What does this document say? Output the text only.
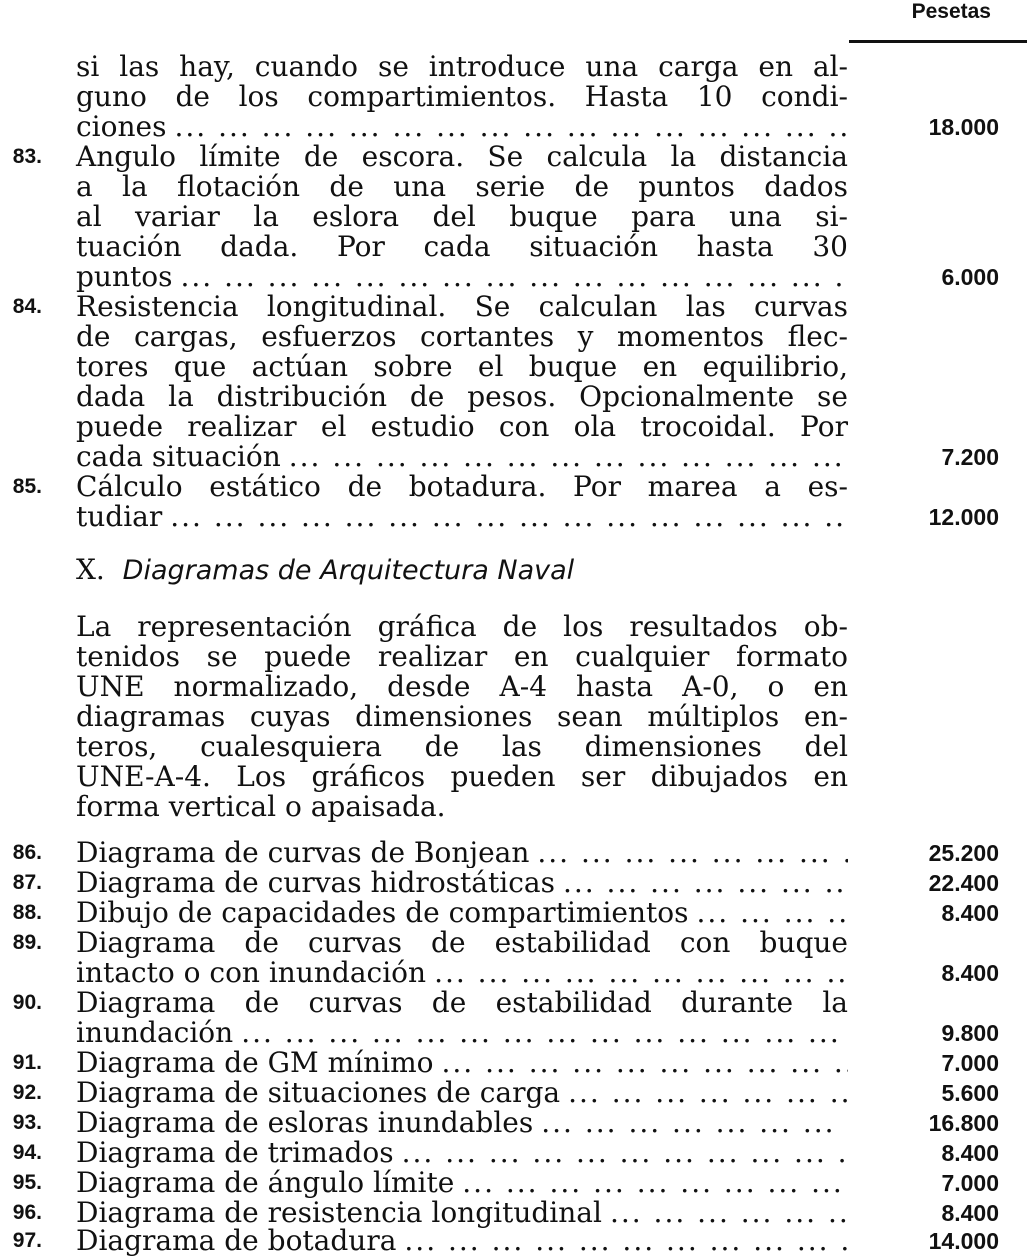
Pesetas
si las hay, cuando se introduce una carga en al-
guno de los compartimientos. Hasta 10 condi-
ciones ... .	18.000
83. Angulo límite de escora. Se calcula la distancia
a la flotación de una serie de puntos dados
al variar la eslora del buque para una si-
tuación dada. Por cada situación hasta 30
puntos ... .	6.000
84. Resistencia longitudinal. Se calculan las curvas
de cargas, esfuerzos cortantes y momentos flec-
tores que actúan sobre el buque en equilibrio,
dada la distribución de pesos. Opcionalmente se
puede realizar el estudio con ola trocoidal. Por
cada situación ... .	7.200
85. Cálculo estático de botadura. Por marea a es-
tudiar ... .	12.000
X. Diagramas de Arquitectura Naval
La representación gráfica de los resultados ob-
tenidos se puede realizar en cualquier formato
UNE normalizado, desde A-4 hasta A-0, o en
diagramas cuyas dimensiones sean múltiplos en-
teros, cualesquiera de las dimensiones del
UNE-A-4. Los gráficos pueden ser dibujados en
forma vertical o apaisada.
86. Diagrama de curvas de Bonjean ... .	25.200
87. Diagrama de curvas hidrostáticas ... .	22.400
88. Dibujo de capacidades de compartimientos ... .	8.400
89. Diagrama de curvas de estabilidad con buque
intacto o con inundación ... .	8.400
90. Diagrama de curvas de estabilidad durante la
inundación ... .	9.800
91. Diagrama de GM mínimo ... .	7.000
92. Diagrama de situaciones de carga ... .	5.600
93. Diagrama de esloras inundables ... .	16.800
94. Diagrama de trimados ... .	8.400
95. Diagrama de ángulo límite ... .	7.000
96. Diagrama de resistencia longitudinal ... .	8.400
97. Diagrama de botadura ... .	14.000
